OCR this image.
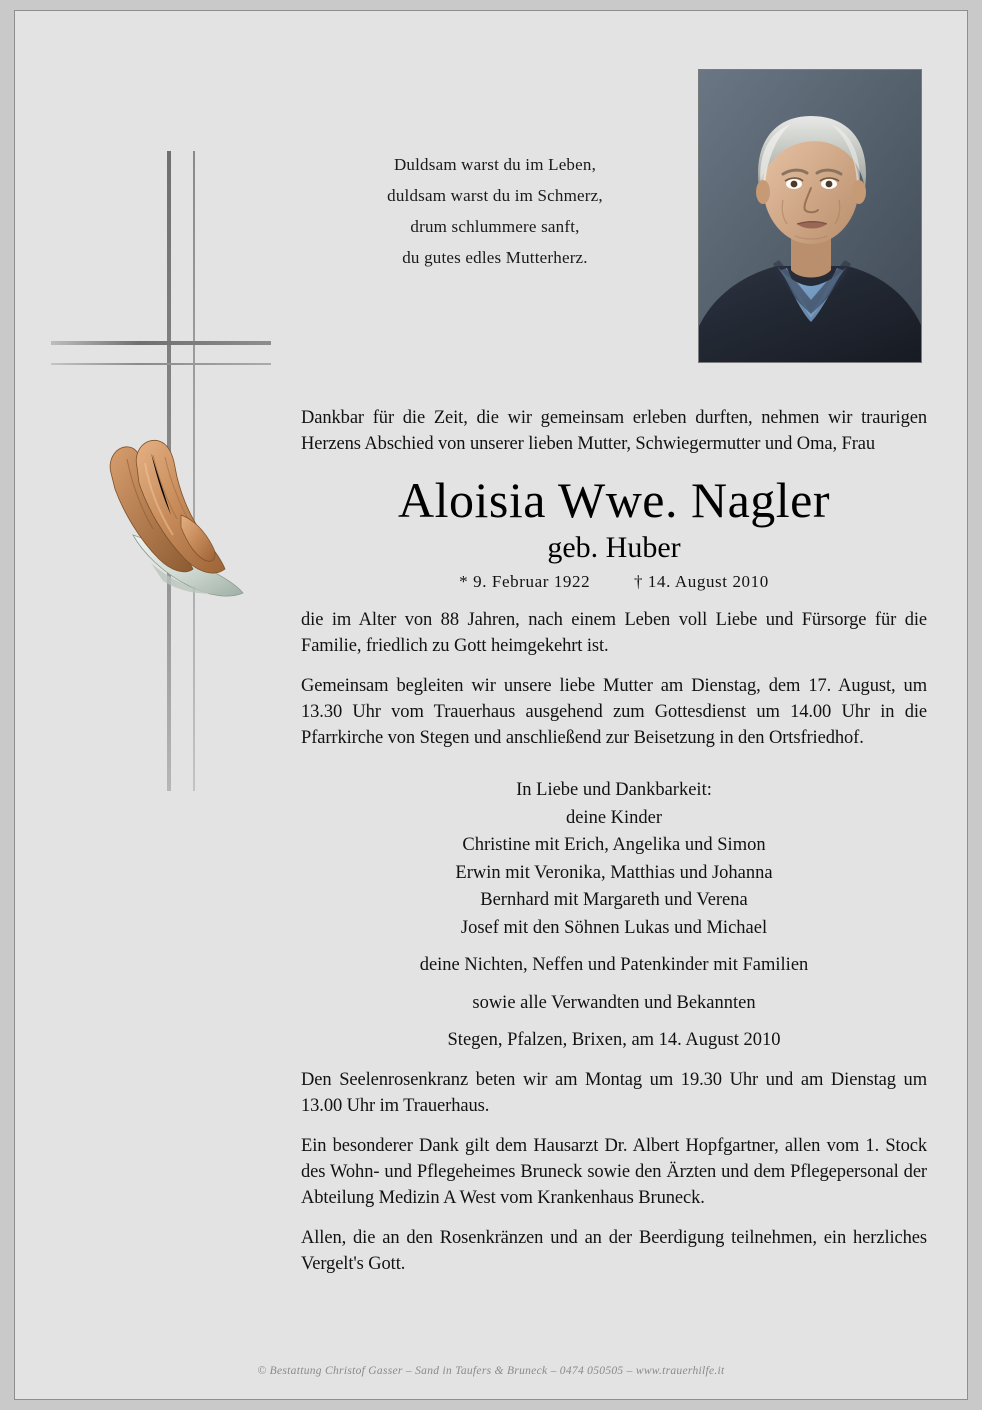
Duldsam warst du im Leben,
duldsam warst du im Schmerz,
drum schlummere sanft,
du gutes edles Mutterherz.

Dankbar für die Zeit, die wir gemeinsam erleben durften, nehmen wir traurigen Herzens Abschied von unserer lieben Mutter, Schwiegermutter und Oma, Frau

Aloisia Wwe. Nagler
geb. Huber
* 9. Februar 1922	† 14. August 2010

die im Alter von 88 Jahren, nach einem Leben voll Liebe und Fürsorge für die Familie, friedlich zu Gott heimgekehrt ist.

Gemeinsam begleiten wir unsere liebe Mutter am Dienstag, dem 17. August, um 13.30 Uhr vom Trauerhaus ausgehend zum Gottesdienst um 14.00 Uhr in die Pfarrkirche von Stegen und anschließend zur Beisetzung in den Ortsfriedhof.

In Liebe und Dankbarkeit:
deine Kinder
Christine mit Erich, Angelika und Simon
Erwin mit Veronika, Matthias und Johanna
Bernhard mit Margareth und Verena
Josef mit den Söhnen Lukas und Michael
deine Nichten, Neffen und Patenkinder mit Familien
sowie alle Verwandten und Bekannten
Stegen, Pfalzen, Brixen, am 14. August 2010

Den Seelenrosenkranz beten wir am Montag um 19.30 Uhr und am Dienstag um 13.00 Uhr im Trauerhaus.

Ein besonderer Dank gilt dem Hausarzt Dr. Albert Hopfgartner, allen vom 1. Stock des Wohn- und Pflegeheimes Bruneck sowie den Ärzten und dem Pflegepersonal der Abteilung Medizin A West vom Krankenhaus Bruneck.

Allen, die an den Rosenkränzen und an der Beerdigung teilnehmen, ein herzliches Vergelt's Gott.

© Bestattung Christof Gasser – Sand in Taufers & Bruneck – 0474 050505 – www.trauerhilfe.it
